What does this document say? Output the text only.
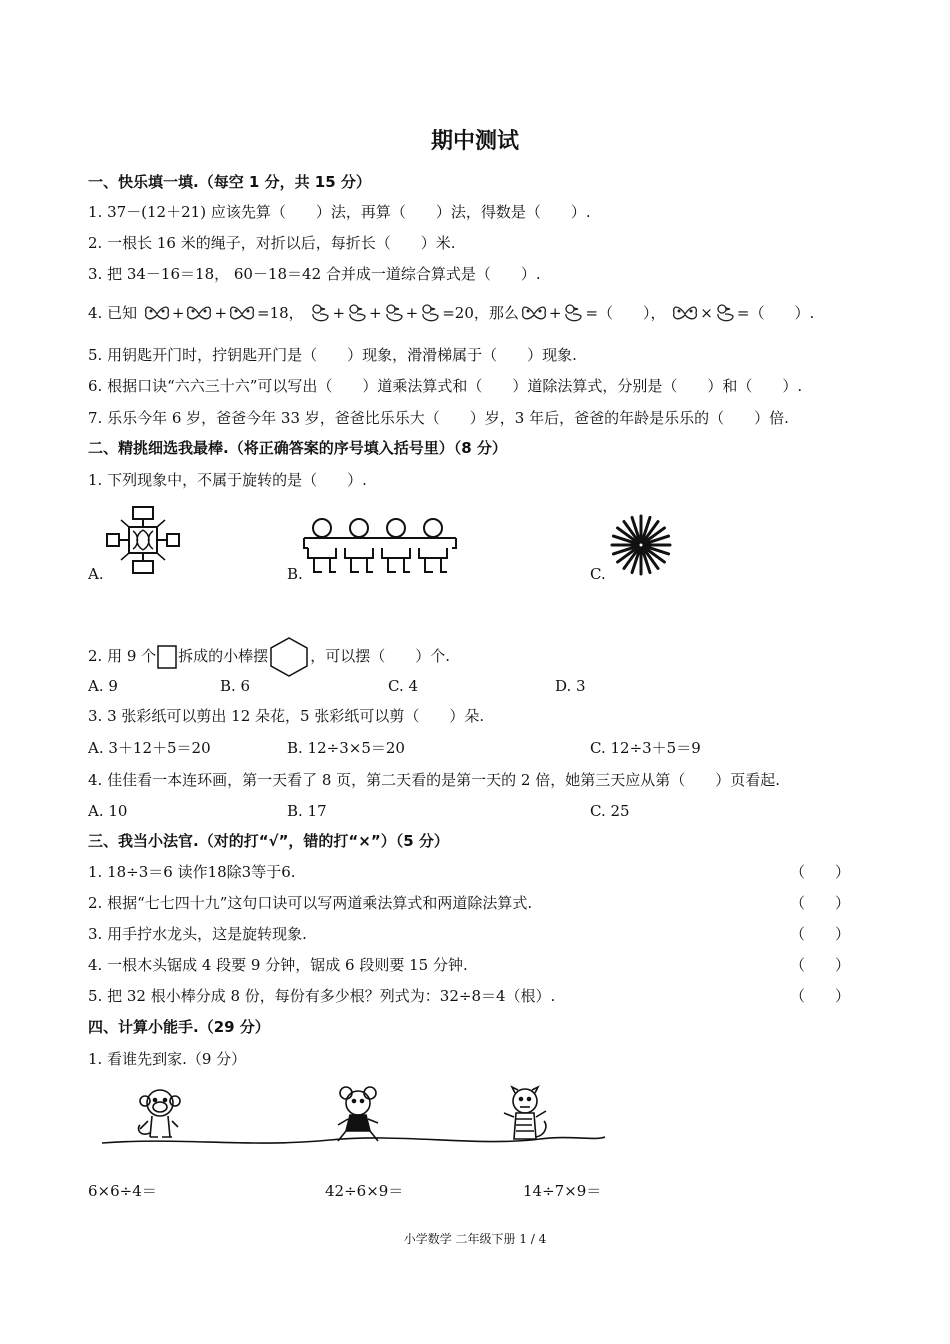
期中测试
一、快乐填一填.（每空 1 分，共 15 分）
1. 37－(12＋21) 应该先算（　　）法，再算（　　）法，得数是（　　）.
2. 一根长 16 米的绳子，对折以后，每折长（　　）米.
3. 把 34－16＝18， 60－18＝42 合并成一道综合算式是（　　）.
4. 已知 + + =18， + + + =20，那么 + =（　　）， × =（　　）.
5. 用钥匙开门时，拧钥匙开门是（　　）现象，滑滑梯属于（　　）现象.
6. 根据口诀“六六三十六”可以写出（　　）道乘法算式和（　　）道除法算式，分别是（　　）和（　　）.
7. 乐乐今年 6 岁，爸爸今年 33 岁，爸爸比乐乐大（　　）岁，3 年后，爸爸的年龄是乐乐的（　　）倍.
二、精挑细选我最棒.（将正确答案的序号填入括号里）（8 分）
1. 下列现象中，不属于旋转的是（　　）.
A.	B.	C.
2. 用 9 个 拆成的小棒摆	，可以摆（　　）个.
A. 9	B. 6	C. 4	D. 3
3. 3 张彩纸可以剪出 12 朵花，5 张彩纸可以剪（　　）朵.
A. 3＋12＋5＝20	B. 12÷3×5＝20	C. 12÷3＋5＝9
4. 佳佳看一本连环画，第一天看了 8 页，第二天看的是第一天的 2 倍，她第三天应从第（　　）页看起.
A. 10	B. 17	C. 25
三、我当小法官.（对的打“√”，错的打“×”）（5 分）
1. 18÷3＝6 读作18除3等于6.	（　　）
2. 根据“七七四十九”这句口诀可以写两道乘法算式和两道除法算式.	（　　）
3. 用手拧水龙头，这是旋转现象.	（　　）
4. 一根木头锯成 4 段要 9 分钟，锯成 6 段则要 15 分钟.	（　　）
5. 把 32 根小棒分成 8 份，每份有多少根？列式为：32÷8＝4（根）.	（　　）
四、计算小能手.（29 分）
1. 看谁先到家.（9 分）
6×6÷4＝	42÷6×9＝	14÷7×9＝
小学数学 二年级下册 1 / 4
